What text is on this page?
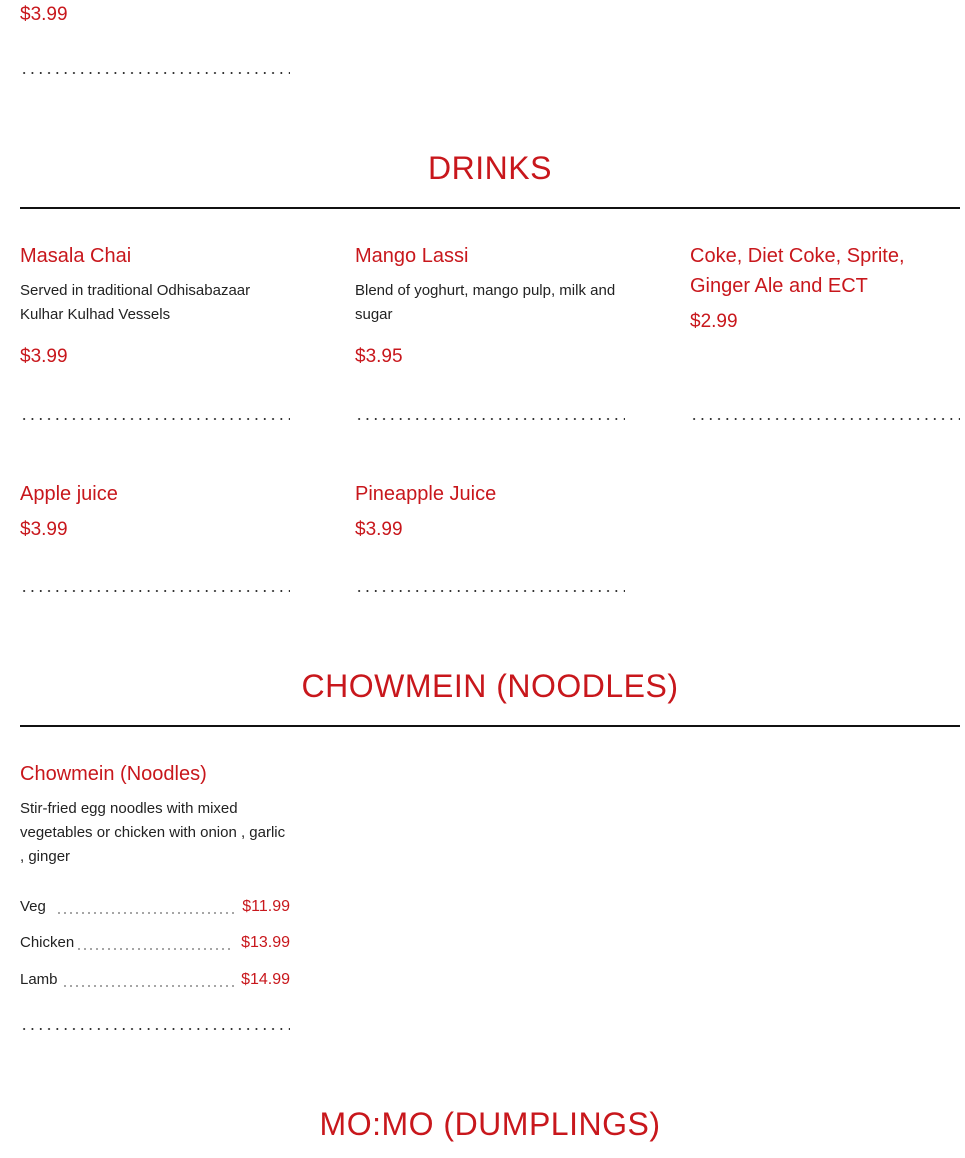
$3.99
DRINKS
Masala Chai
Served in traditional Odhisabazaar
Kulhar Kulhad Vessels
$3.99
Mango Lassi
Blend of yoghurt, mango pulp, milk and
sugar
$3.95
Coke, Diet Coke, Sprite,
Ginger Ale and ECT
$2.99
Apple juice
$3.99
Pineapple Juice
$3.99
CHOWMEIN (NOODLES)
Chowmein (Noodles)
Stir-fried egg noodles with mixed
vegetables or chicken with onion , garlic
, ginger
Veg	$11.99
Chicken	$13.99
Lamb	$14.99
MO:MO (DUMPLINGS)
